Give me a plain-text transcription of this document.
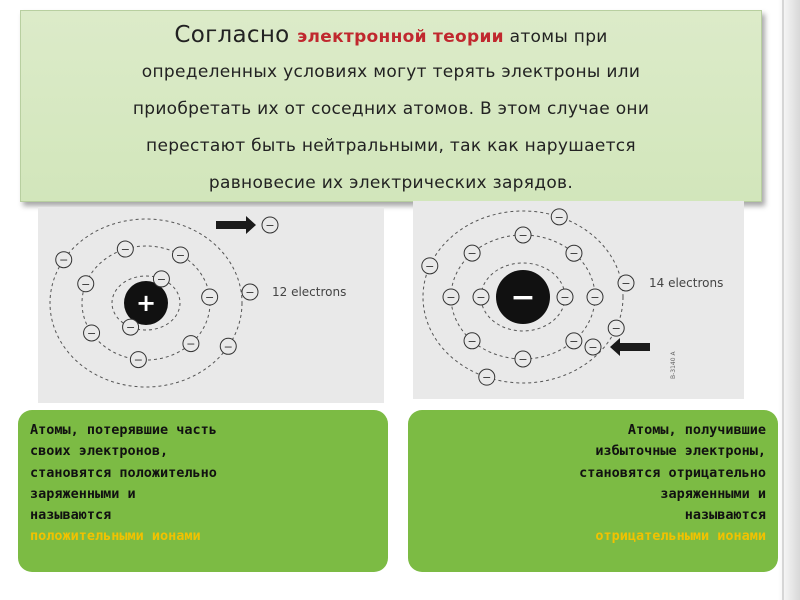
Согласно электронной теории атомы при
определенных условиях могут терять электроны или
приобретать их от соседних атомов. В этом случае они
перестают быть нейтральными, так как нарушается
равновесие их электрических зарядов.
+
−
−
−	−
−
−
−
−
−
−
−
−
− 12 electrons	− −
−
−
−
−
−
−
−
−
−
−
−
−
−
− 14 electrons
−
B-3140 A

Атомы, потерявшие часть

своих электронов,

становятся положительно

заряженными и

называются

положительными ионами

Атомы, получившие

избыточные электроны,

становятся отрицательно

заряженными и

называются

отрицательными ионами
